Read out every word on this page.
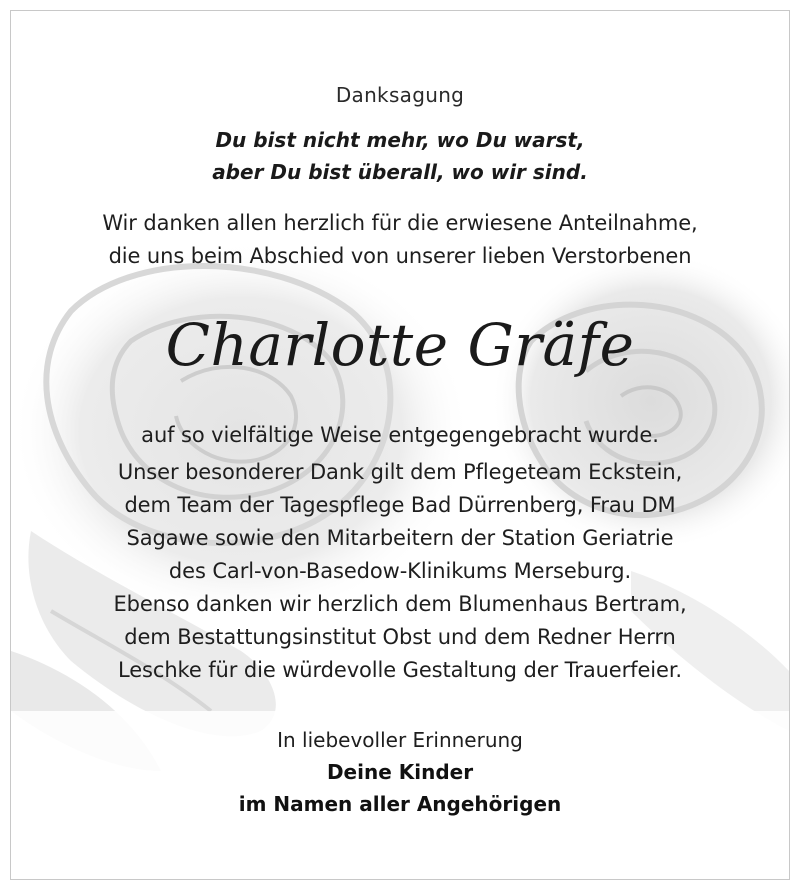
Danksagung
Du bist nicht mehr, wo Du warst,
aber Du bist überall, wo wir sind.
Wir danken allen herzlich für die erwiesene Anteilnahme,
die uns beim Abschied von unserer lieben Verstorbenen
Charlotte Gräfe
auf so vielfältige Weise entgegengebracht wurde.
Unser besonderer Dank gilt dem Pflegeteam Eckstein,
dem Team der Tagespflege Bad Dürrenberg, Frau DM
Sagawe sowie den Mitarbeitern der Station Geriatrie
des Carl-von-Basedow-Klinikums Merseburg.
Ebenso danken wir herzlich dem Blumenhaus Bertram,
dem Bestattungsinstitut Obst und dem Redner Herrn
Leschke für die würdevolle Gestaltung der Trauerfeier.
In liebevoller Erinnerung
Deine Kinder
im Namen aller Angehörigen
